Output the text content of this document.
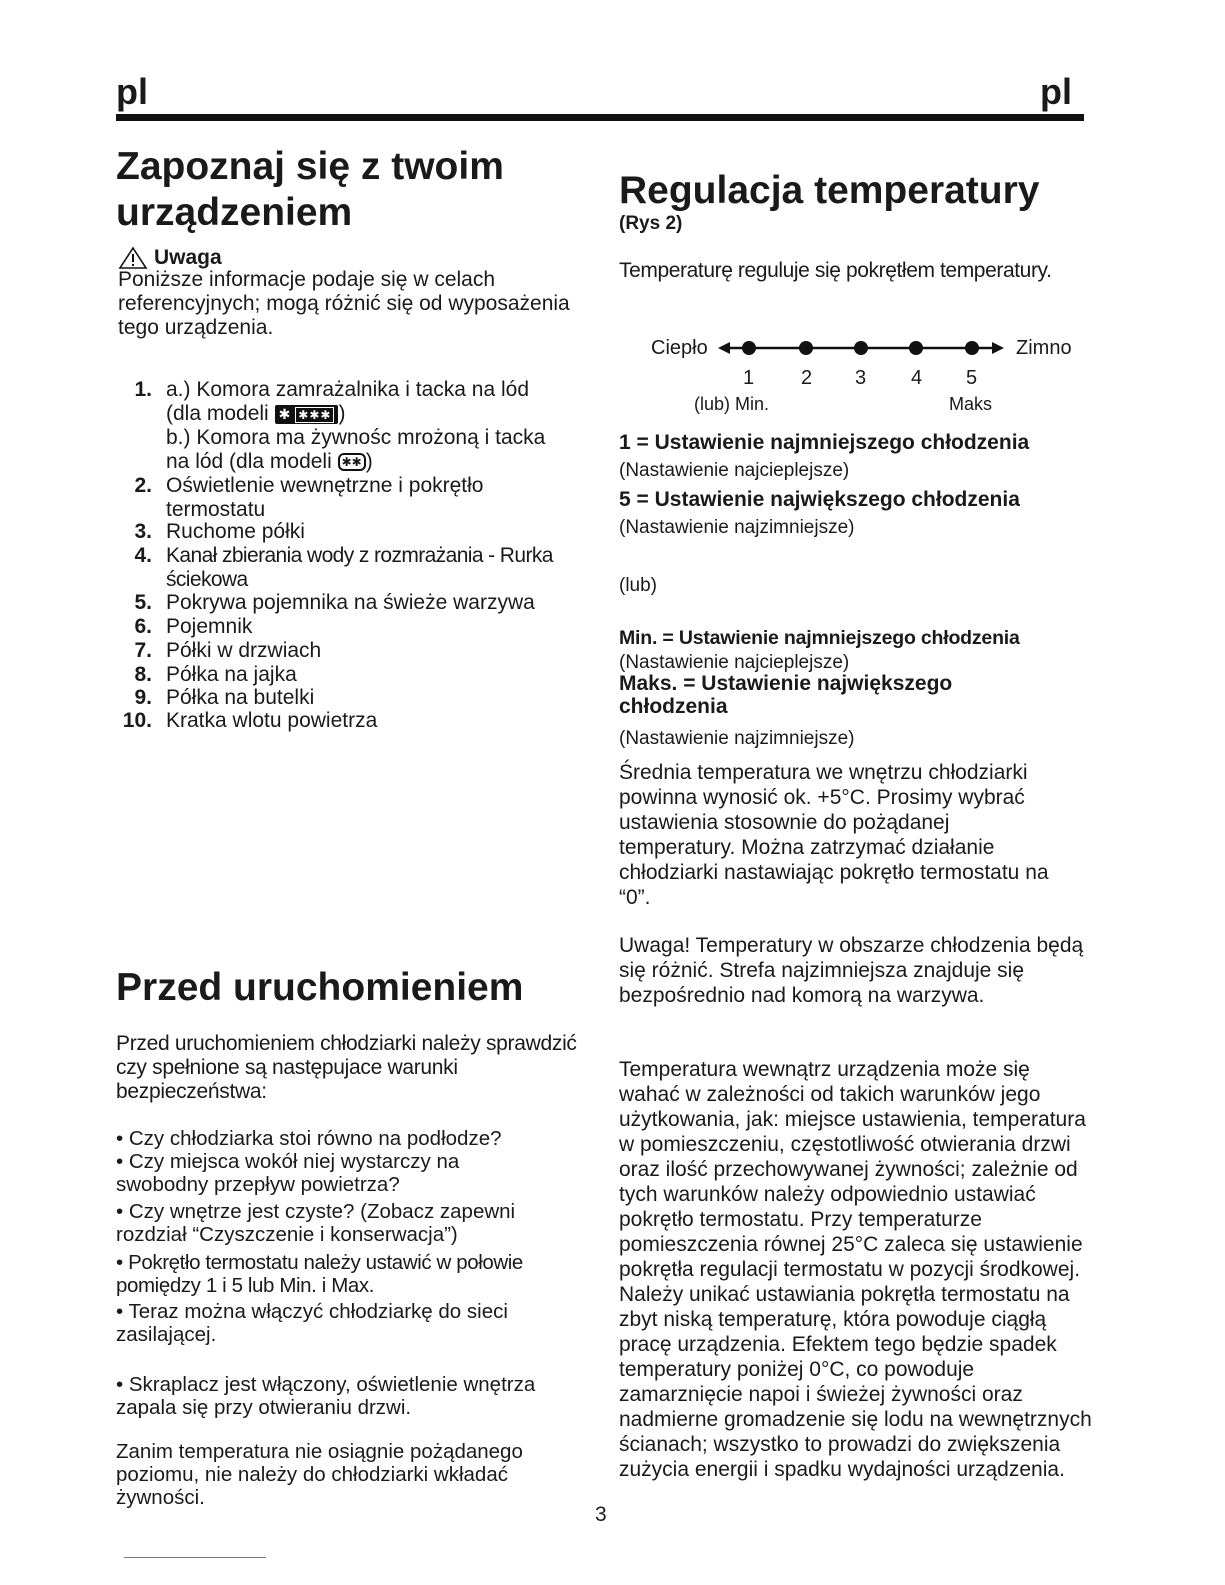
pl	pl
Zapoznaj się z twoim urządzeniem
Uwaga
Poniższe informacje podaje się w celach referencyjnych; mogą różnić się od wyposażenia tego urządzenia.
1. a.) Komora zamrażalnika i tacka na lód
(dla modeli ✱ ✱✱✱ )
b.) Komora ma żywnośc mrożoną i tacka
na lód (dla modeli ✱✱ )
2. Oświetlenie wewnętrzne i pokrętło termostatu
3. Ruchome półki
4. Kanał zbierania wody z rozmrażania - Rurka ściekowa
5. Pokrywa pojemnika na świeże warzywa
6. Pojemnik
7. Półki w drzwiach
8. Półka na jajka
9. Półka na butelki
10. Kratka wlotu powietrza
Przed uruchomieniem
Przed uruchomieniem chłodziarki należy sprawdzić czy spełnione są następujace warunki bezpieczeństwa:
• Czy chłodziarka stoi równo na podłodze?
• Czy miejsca wokół niej wystarczy na swobodny przepływ powietrza?
• Czy wnętrze jest czyste? (Zobacz zapewni rozdział “Czyszczenie i konserwacja”)
• Pokrętło termostatu należy ustawić w połowie pomiędzy 1 i 5 lub Min. i Max.
• Teraz można włączyć chłodziarkę do sieci zasilającej.
• Skraplacz jest włączony, oświetlenie wnętrza zapala się przy otwieraniu drzwi.
Zanim temperatura nie osiągnie pożądanego poziomu, nie należy do chłodziarki wkładać żywności.
Regulacja temperatury
(Rys 2)
Temperaturę reguluje się pokrętłem temperatury.
Ciepło	Zimno
1 2 3 4 5
(lub) Min.	Maks
1 = Ustawienie najmniejszego chłodzenia
(Nastawienie najcieplejsze)
5 = Ustawienie największego chłodzenia
(Nastawienie najzimniejsze)
(lub)
Min. = Ustawienie najmniejszego chłodzenia
(Nastawienie najcieplejsze)
Maks. = Ustawienie największego chłodzenia
(Nastawienie najzimniejsze)
Średnia temperatura we wnętrzu chłodziarki powinna wynosić ok. +5°C. Prosimy wybrać ustawienia stosownie do pożądanej temperatury. Można zatrzymać działanie chłodziarki nastawiając pokrętło termostatu na “0”.
Uwaga! Temperatury w obszarze chłodzenia będą się różnić. Strefa najzimniejsza znajduje się bezpośrednio nad komorą na warzywa.
Temperatura wewnątrz urządzenia może się wahać w zależności od takich warunków jego użytkowania, jak: miejsce ustawienia, temperatura w pomieszczeniu, częstotliwość otwierania drzwi oraz ilość przechowywanej żywności; zależnie od tych warunków należy odpowiednio ustawiać pokrętło termostatu. Przy temperaturze pomieszczenia równej 25°C zaleca się ustawienie pokrętła regulacji termostatu w pozycji środkowej. Należy unikać ustawiania pokrętła termostatu na zbyt niską temperaturę, która powoduje ciągłą pracę urządzenia. Efektem tego będzie spadek temperatury poniżej 0°C, co powoduje zamarznięcie napoi i świeżej żywności oraz nadmierne gromadzenie się lodu na wewnętrznych ścianach; wszystko to prowadzi do zwiększenia zużycia energii i spadku wydajności urządzenia.
3
